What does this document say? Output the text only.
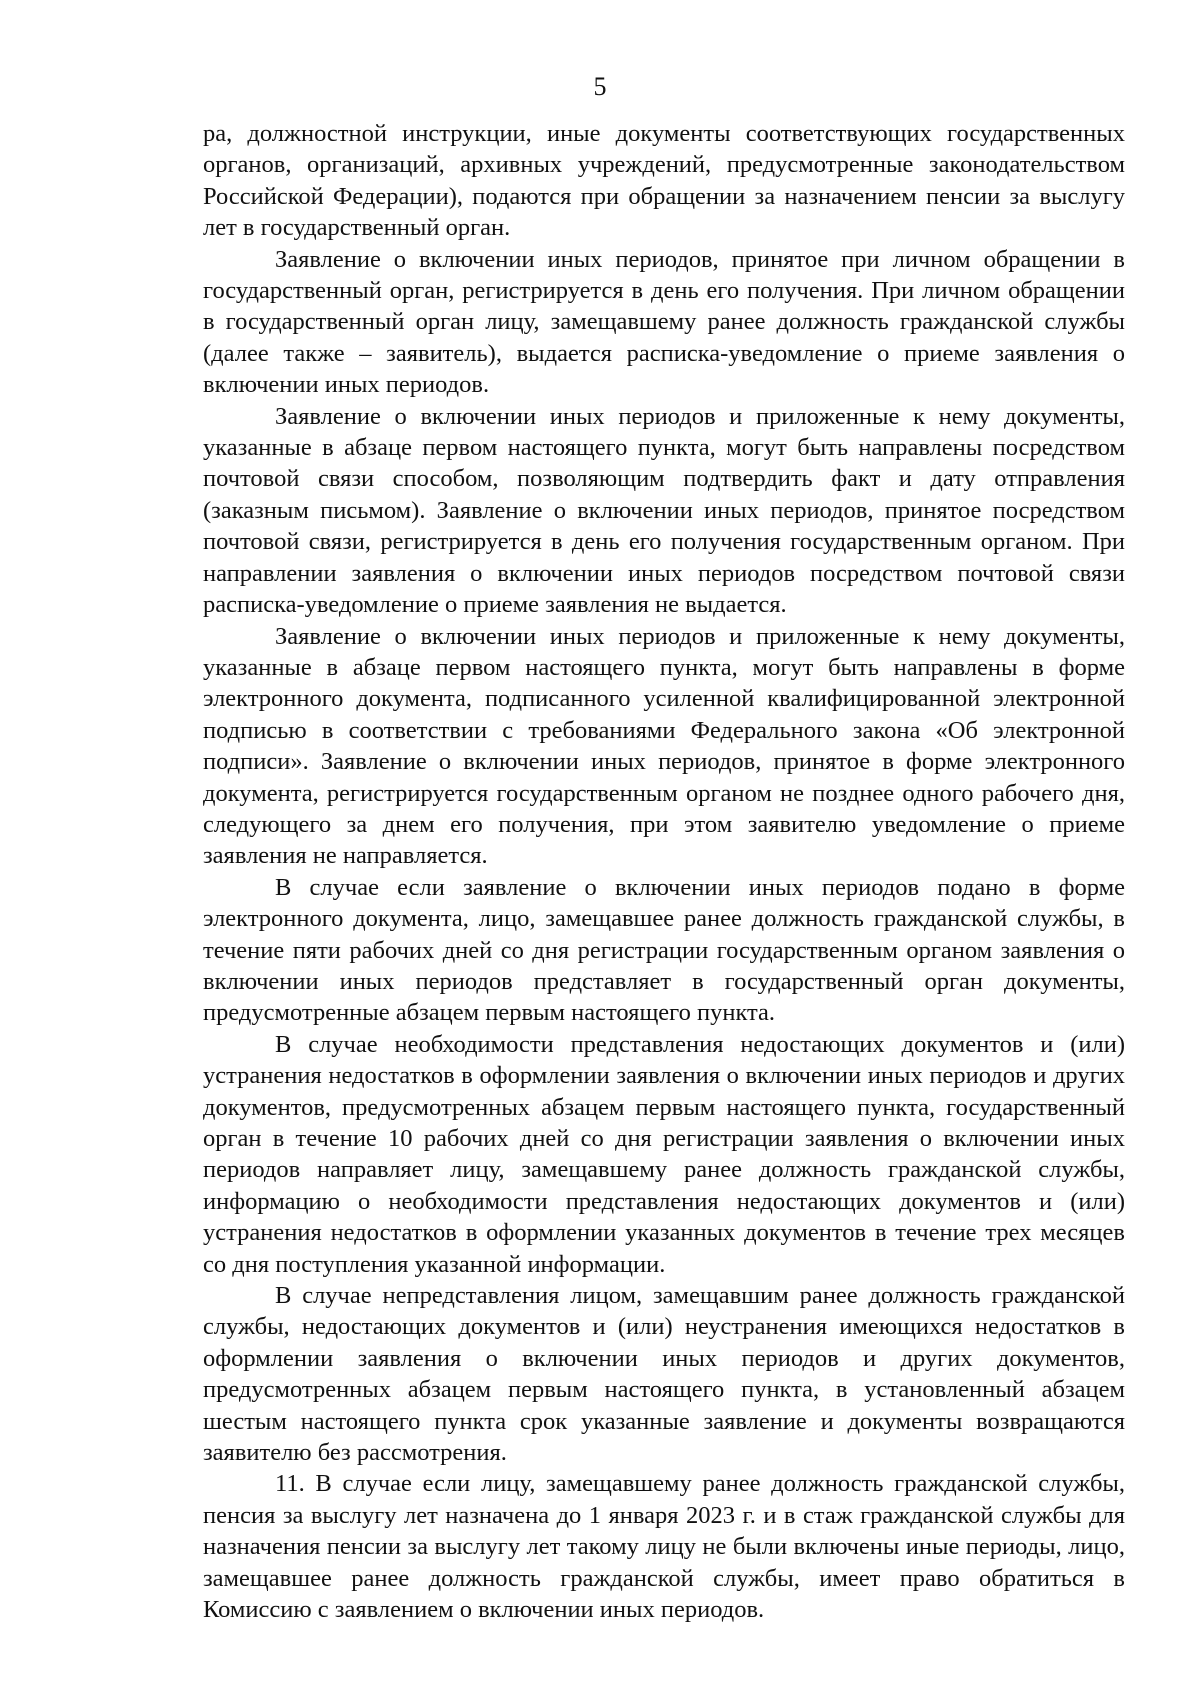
5

ра, должностной инструкции, иные документы соответствующих государственных органов, организаций, архивных учреждений, предусмотренные законодательством Российской Федерации), подаются при обращении за назначением пенсии за выслугу лет в государственный орган.

Заявление о включении иных периодов, принятое при личном обращении в государственный орган, регистрируется в день его получения. При личном обращении в государственный орган лицу, замещавшему ранее должность гражданской службы (далее также – заявитель), выдается расписка-уведомление о приеме заявления о включении иных периодов.

Заявление о включении иных периодов и приложенные к нему документы, указанные в абзаце первом настоящего пункта, могут быть направлены посредством почтовой связи способом, позволяющим подтвердить факт и дату отправления (заказным письмом). Заявление о включении иных периодов, принятое посредством почтовой связи, регистрируется в день его получения государственным органом. При направлении заявления о включении иных периодов посредством почтовой связи расписка-уведомление о приеме заявления не выдается.

Заявление о включении иных периодов и приложенные к нему документы, указанные в абзаце первом настоящего пункта, могут быть направлены в форме электронного документа, подписанного усиленной квалифицированной электронной подписью в соответствии с требованиями Федерального закона «Об электронной подписи». Заявление о включении иных периодов, принятое в форме электронного документа, регистрируется государственным органом не позднее одного рабочего дня, следующего за днем его получения, при этом заявителю уведомление о приеме заявления не направляется.

В случае если заявление о включении иных периодов подано в форме электронного документа, лицо, замещавшее ранее должность гражданской службы, в течение пяти рабочих дней со дня регистрации государственным органом заявления о включении иных периодов представляет в государственный орган документы, предусмотренные абзацем первым настоящего пункта.

В случае необходимости представления недостающих документов и (или) устранения недостатков в оформлении заявления о включении иных периодов и других документов, предусмотренных абзацем первым настоящего пункта, государственный орган в течение 10 рабочих дней со дня регистрации заявления о включении иных периодов направляет лицу, замещавшему ранее должность гражданской службы, информацию о необходимости представления недостающих документов и (или) устранения недостатков в оформлении указанных документов в течение трех месяцев со дня поступления указанной информации.

В случае непредставления лицом, замещавшим ранее должность гражданской службы, недостающих документов и (или) неустранения имеющихся недостатков в оформлении заявления о включении иных периодов и других документов, предусмотренных абзацем первым настоящего пункта, в установленный абзацем шестым настоящего пункта срок указанные заявление и документы возвращаются заявителю без рассмотрения.

11. В случае если лицу, замещавшему ранее должность гражданской службы, пенсия за выслугу лет назначена до 1 января 2023 г. и в стаж гражданской службы для назначения пенсии за выслугу лет такому лицу не были включены иные периоды, лицо, замещавшее ранее должность гражданской службы, имеет право обратиться в Комиссию с заявлением о включении иных периодов.
